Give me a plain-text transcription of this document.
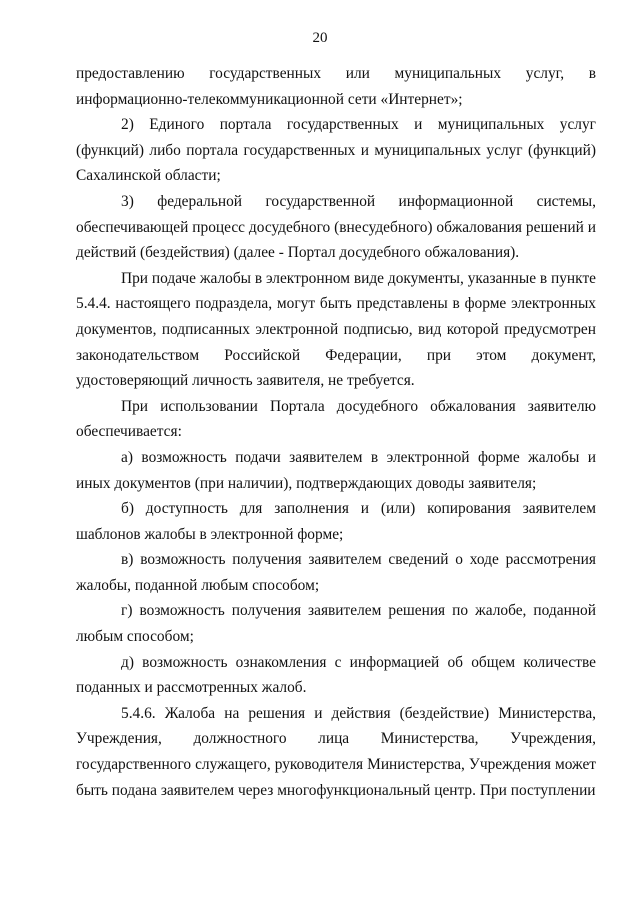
20

предоставлению государственных или муниципальных услуг, в информационно-телекоммуникационной сети «Интернет»;

2) Единого портала государственных и муниципальных услуг (функций) либо портала государственных и муниципальных услуг (функций) Сахалинской области;

3) федеральной государственной информационной системы, обеспечивающей процесс досудебного (внесудебного) обжалования решений и действий (бездействия) (далее - Портал досудебного обжалования).

При подаче жалобы в электронном виде документы, указанные в пункте 5.4.4. настоящего подраздела, могут быть представлены в форме электронных документов, подписанных электронной подписью, вид которой предусмотрен законодательством Российской Федерации, при этом документ, удостоверяющий личность заявителя, не требуется.

При использовании Портала досудебного обжалования заявителю обеспечивается:

а) возможность подачи заявителем в электронной форме жалобы и иных документов (при наличии), подтверждающих доводы заявителя;

б) доступность для заполнения и (или) копирования заявителем шаблонов жалобы в электронной форме;

в) возможность получения заявителем сведений о ходе рассмотрения жалобы, поданной любым способом;

г) возможность получения заявителем решения по жалобе, поданной любым способом;

д) возможность ознакомления с информацией об общем количестве поданных и рассмотренных жалоб.

5.4.6. Жалоба на решения и действия (бездействие) Министерства, Учреждения, должностного лица Министерства, Учреждения, государственного служащего, руководителя Министерства, Учреждения может быть подана заявителем через многофункциональный центр. При поступлении
